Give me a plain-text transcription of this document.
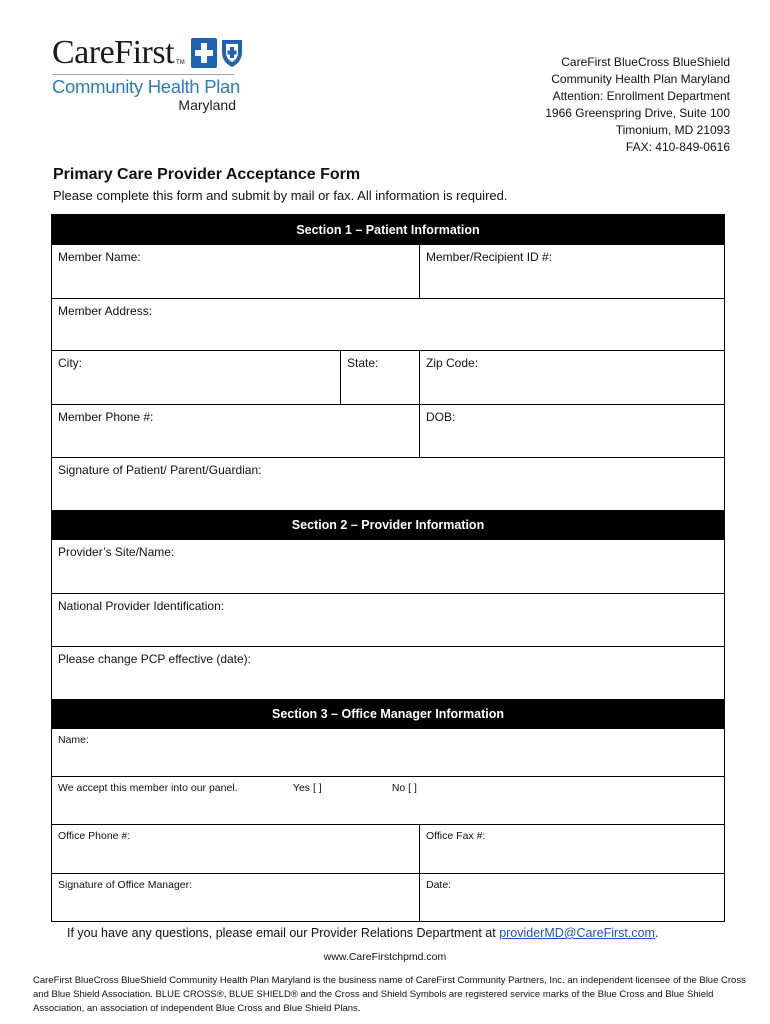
CareFirst TM
Community Health Plan
Maryland
CareFirst BlueCross BlueShield
Community Health Plan Maryland
Attention: Enrollment Department
1966 Greenspring Drive, Suite 100
Timonium, MD 21093
FAX: 410-849-0616
Primary Care Provider Acceptance Form
Please complete this form and submit by mail or fax. All information is required.
Section 1 – Patient Information
Member Name:	Member/Recipient ID #:
Member Address:
City:	State:	Zip Code:
Member Phone #:	DOB:
Signature of Patient/ Parent/Guardian:
Section 2 – Provider Information
Provider’s Site/Name:
National Provider Identification:
Please change PCP effective (date):
Section 3 – Office Manager Information
Name:
We accept this member into our panel.	Yes [ ]	No [ ]
Office Phone #:	Office Fax #:
Signature of Office Manager:	Date:
If you have any questions, please email our Provider Relations Department at providerMD@CareFirst.com.
www.CareFirstchpmd.com
CareFirst BlueCross BlueShield Community Health Plan Maryland is the business name of CareFirst Community Partners, Inc. an independent licensee of the Blue Cross and Blue Shield Association. BLUE CROSS®, BLUE SHIELD® and the Cross and Shield Symbols are registered service marks of the Blue Cross and Blue Shield Association, an association of independent Blue Cross and Blue Shield Plans.
